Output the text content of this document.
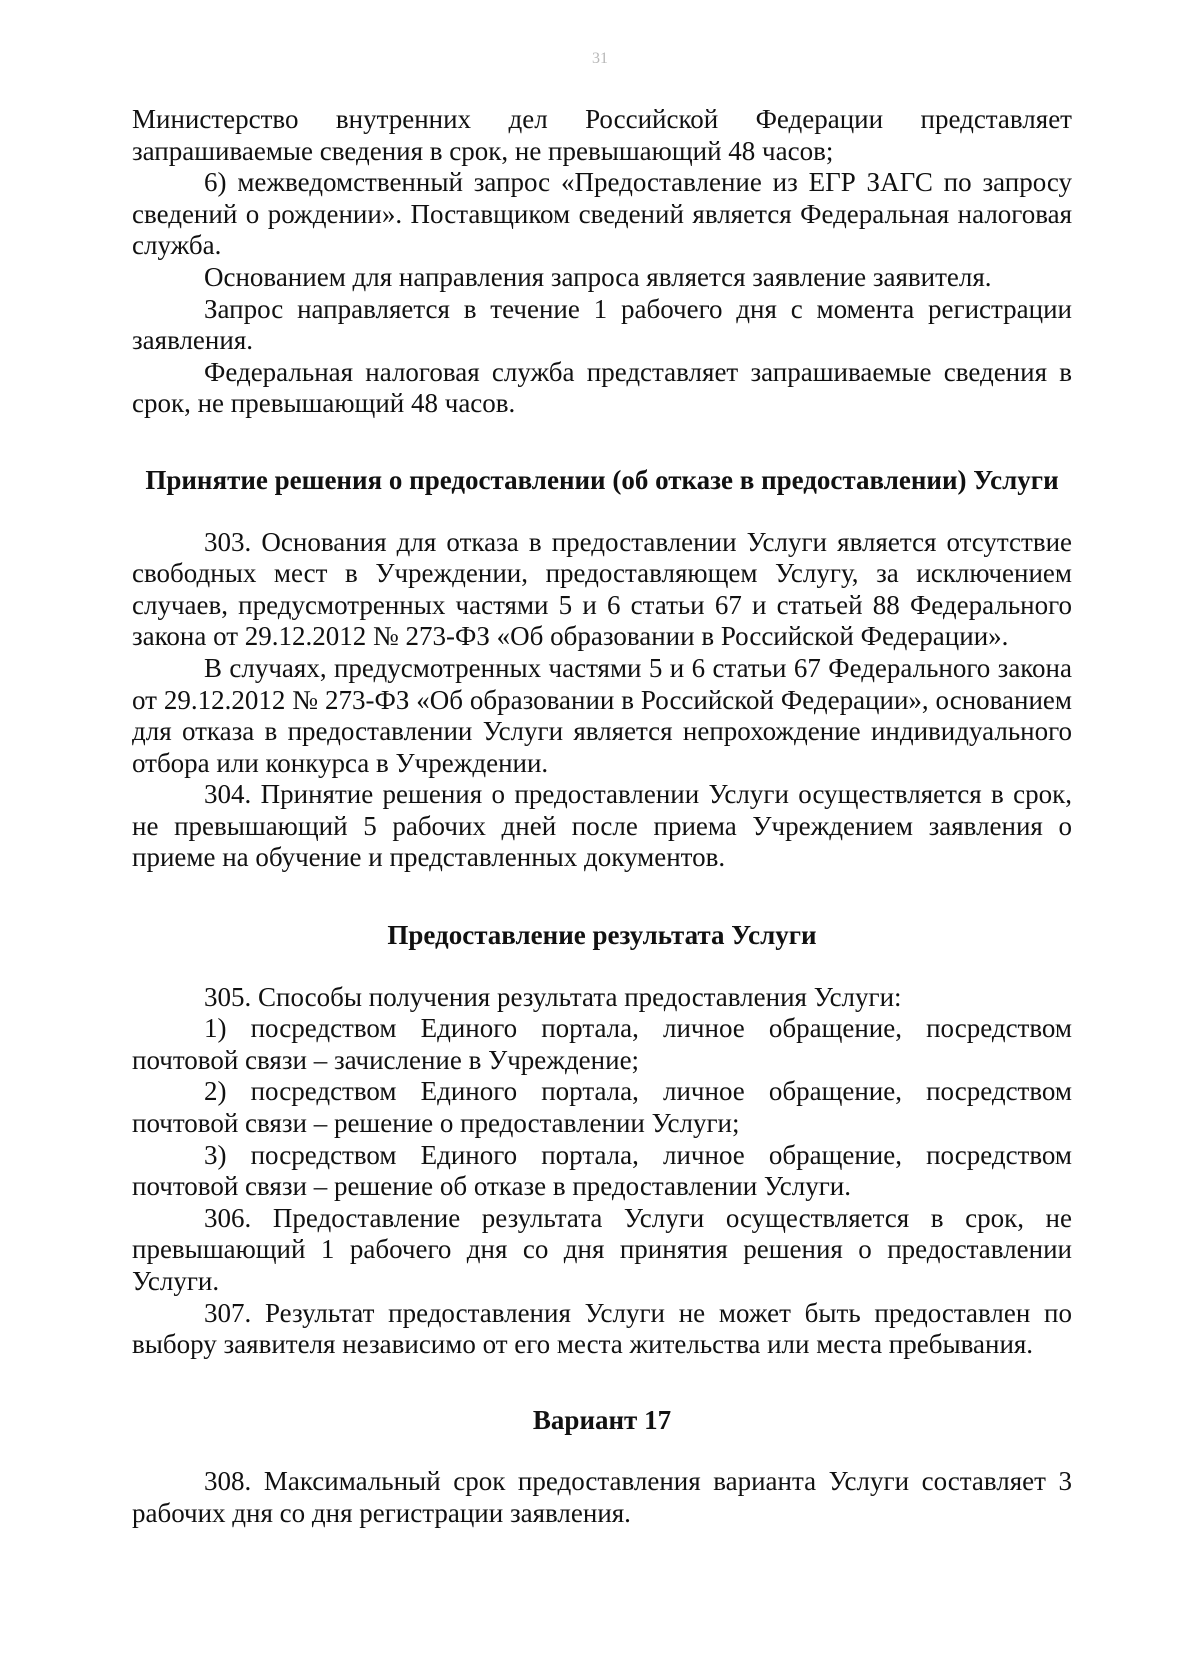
31

Министерство внутренних дел Российской Федерации представляет запрашиваемые сведения в срок, не превышающий 48 часов;

6) межведомственный запрос «Предоставление из ЕГР ЗАГС по запросу сведений о рождении». Поставщиком сведений является Федеральная налоговая служба.

Основанием для направления запроса является заявление заявителя.

Запрос направляется в течение 1 рабочего дня с момента регистрации заявления.

Федеральная налоговая служба представляет запрашиваемые сведения в срок, не превышающий 48 часов.

Принятие решения о предоставлении (об отказе в предоставлении) Услуги

303. Основания для отказа в предоставлении Услуги является отсутствие свободных мест в Учреждении, предоставляющем Услугу, за исключением случаев, предусмотренных частями 5 и 6 статьи 67 и статьей 88 Федерального закона от 29.12.2012 № 273-ФЗ «Об образовании в Российской Федерации».

В случаях, предусмотренных частями 5 и 6 статьи 67 Федерального закона от 29.12.2012 № 273-ФЗ «Об образовании в Российской Федерации», основанием для отказа в предоставлении Услуги является непрохождение индивидуального отбора или конкурса в Учреждении.

304. Принятие решения о предоставлении Услуги осуществляется в срок, не превышающий 5 рабочих дней после приема Учреждением заявления о приеме на обучение и представленных документов.

Предоставление результата Услуги

305. Способы получения результата предоставления Услуги:

1) посредством Единого портала, личное обращение, посредством почтовой связи – зачисление в Учреждение;

2) посредством Единого портала, личное обращение, посредством почтовой связи – решение о предоставлении Услуги;

3) посредством Единого портала, личное обращение, посредством почтовой связи – решение об отказе в предоставлении Услуги.

306. Предоставление результата Услуги осуществляется в срок, не превышающий 1 рабочего дня со дня принятия решения о предоставлении Услуги.

307. Результат предоставления Услуги не может быть предоставлен по выбору заявителя независимо от его места жительства или места пребывания.

Вариант 17

308. Максимальный срок предоставления варианта Услуги составляет 3 рабочих дня со дня регистрации заявления.
